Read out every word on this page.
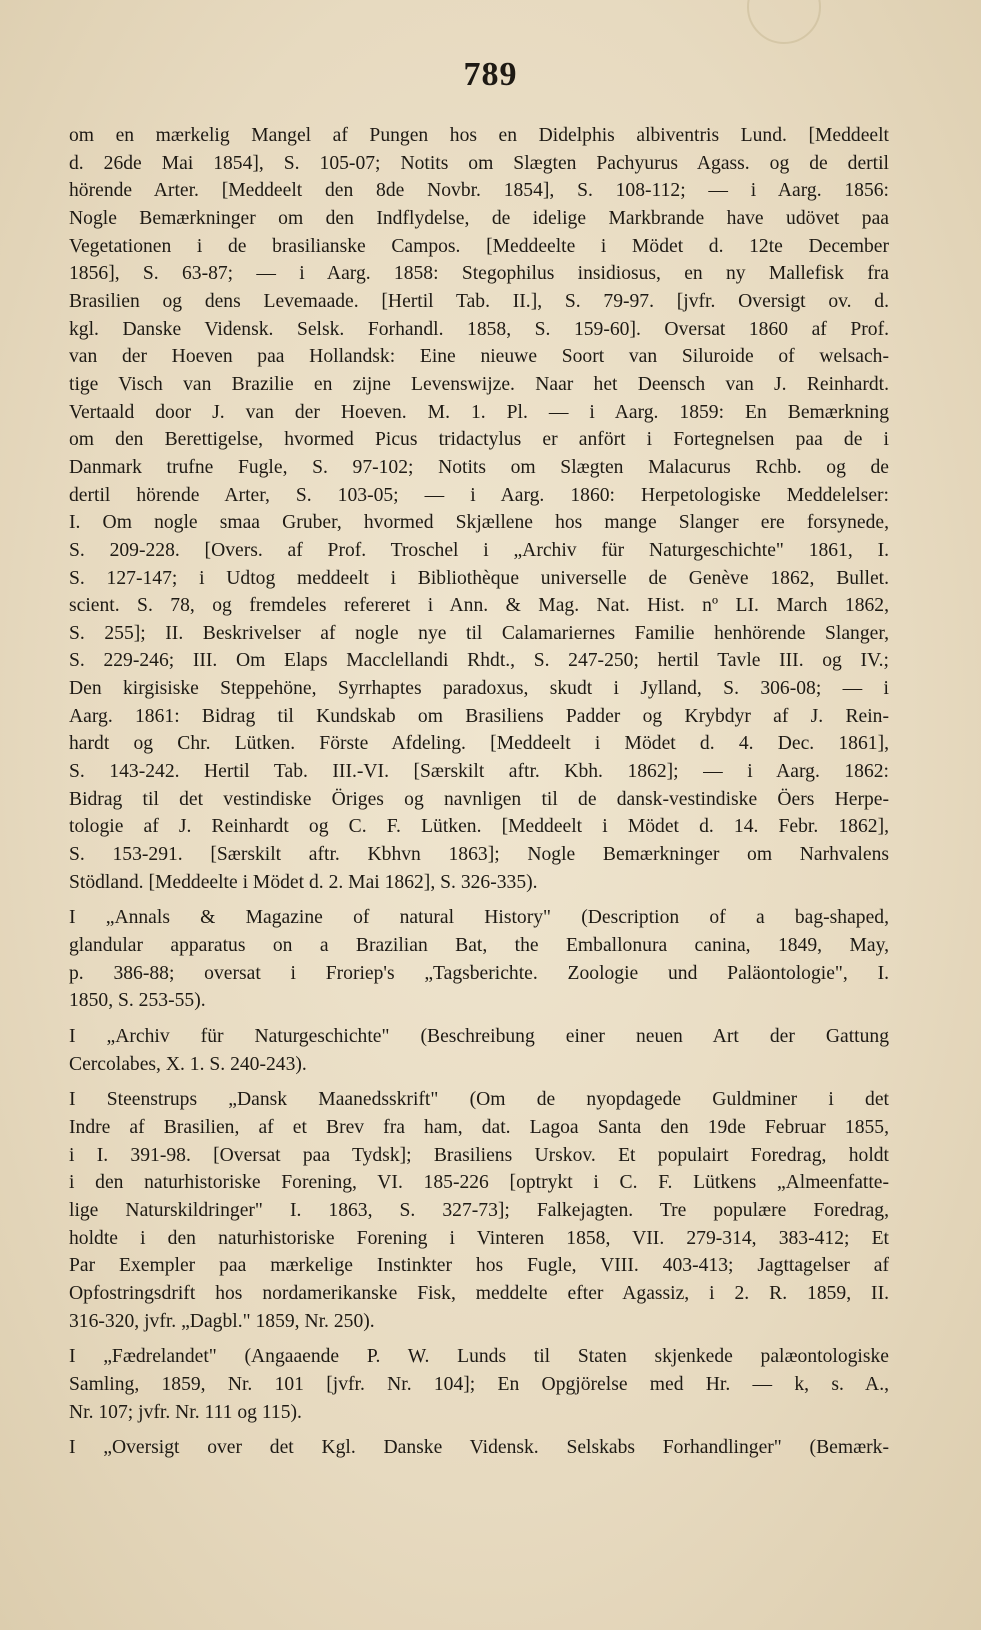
789
om en mærkelig Mangel af Pungen hos en Didelphis albiventris Lund. [Meddeelt
d. 26de Mai 1854], S. 105-07; Notits om Slægten Pachyurus Agass. og de dertil
hörende Arter. [Meddeelt den 8de Novbr. 1854], S. 108-112; — i Aarg. 1856:
Nogle Bemærkninger om den Indflydelse, de idelige Markbrande have udövet paa
Vegetationen i de brasilianske Campos. [Meddeelte i Mödet d. 12te December
1856], S. 63-87; — i Aarg. 1858: Stegophilus insidiosus, en ny Mallefisk fra
Brasilien og dens Levemaade. [Hertil Tab. II.], S. 79-97. [jvfr. Oversigt ov. d.
kgl. Danske Vidensk. Selsk. Forhandl. 1858, S. 159-60]. Oversat 1860 af Prof.
van der Hoeven paa Hollandsk: Eine nieuwe Soort van Siluroide of welsach-
tige Visch van Brazilie en zijne Levenswijze. Naar het Deensch van J. Reinhardt.
Vertaald door J. van der Hoeven. M. 1. Pl. — i Aarg. 1859: En Bemærkning
om den Berettigelse, hvormed Picus tridactylus er anfört i Fortegnelsen paa de i
Danmark trufne Fugle, S. 97-102; Notits om Slægten Malacurus Rchb. og de
dertil hörende Arter, S. 103-05; — i Aarg. 1860: Herpetologiske Meddelelser:
I. Om nogle smaa Gruber, hvormed Skjællene hos mange Slanger ere forsynede,
S. 209-228. [Overs. af Prof. Troschel i „Archiv für Naturgeschichte" 1861, I.
S. 127-147; i Udtog meddeelt i Bibliothèque universelle de Genève 1862, Bullet.
scient. S. 78, og fremdeles refereret i Ann. & Mag. Nat. Hist. nº LI. March 1862,
S. 255]; II. Beskrivelser af nogle nye til Calamariernes Familie henhörende Slanger,
S. 229-246; III. Om Elaps Macclellandi Rhdt., S. 247-250; hertil Tavle III. og IV.;
Den kirgisiske Steppehöne, Syrrhaptes paradoxus, skudt i Jylland, S. 306-08; — i
Aarg. 1861: Bidrag til Kundskab om Brasiliens Padder og Krybdyr af J. Rein-
hardt og Chr. Lütken. Förste Afdeling. [Meddeelt i Mödet d. 4. Dec. 1861],
S. 143-242. Hertil Tab. III.-VI. [Særskilt aftr. Kbh. 1862]; — i Aarg. 1862:
Bidrag til det vestindiske Öriges og navnligen til de dansk-vestindiske Öers Herpe-
tologie af J. Reinhardt og C. F. Lütken. [Meddeelt i Mödet d. 14. Febr. 1862],
S. 153-291. [Særskilt aftr. Kbhvn 1863]; Nogle Bemærkninger om Narhvalens
Stödland. [Meddeelte i Mödet d. 2. Mai 1862], S. 326-335).
I „Annals & Magazine of natural History" (Description of a bag-shaped,
glandular apparatus on a Brazilian Bat, the Emballonura canina, 1849, May,
p. 386-88; oversat i Froriep's „Tagsberichte. Zoologie und Paläontologie", I.
1850, S. 253-55).
I „Archiv für Naturgeschichte" (Beschreibung einer neuen Art der Gattung
Cercolabes, X. 1. S. 240-243).
I Steenstrups „Dansk Maanedsskrift" (Om de nyopdagede Guldminer i det
Indre af Brasilien, af et Brev fra ham, dat. Lagoa Santa den 19de Februar 1855,
i I. 391-98. [Oversat paa Tydsk]; Brasiliens Urskov. Et populairt Foredrag, holdt
i den naturhistoriske Forening, VI. 185-226 [optrykt i C. F. Lütkens „Almeenfatte-
lige Naturskildringer" I. 1863, S. 327-73]; Falkejagten. Tre populære Foredrag,
holdte i den naturhistoriske Forening i Vinteren 1858, VII. 279-314, 383-412; Et
Par Exempler paa mærkelige Instinkter hos Fugle, VIII. 403-413; Jagttagelser af
Opfostringsdrift hos nordamerikanske Fisk, meddelte efter Agassiz, i 2. R. 1859, II.
316-320, jvfr. „Dagbl." 1859, Nr. 250).
I „Fædrelandet" (Angaaende P. W. Lunds til Staten skjenkede palæontologiske
Samling, 1859, Nr. 101 [jvfr. Nr. 104]; En Opgjörelse med Hr. — k, s. A.,
Nr. 107; jvfr. Nr. 111 og 115).
I „Oversigt over det Kgl. Danske Vidensk. Selskabs Forhandlinger" (Bemærk-
